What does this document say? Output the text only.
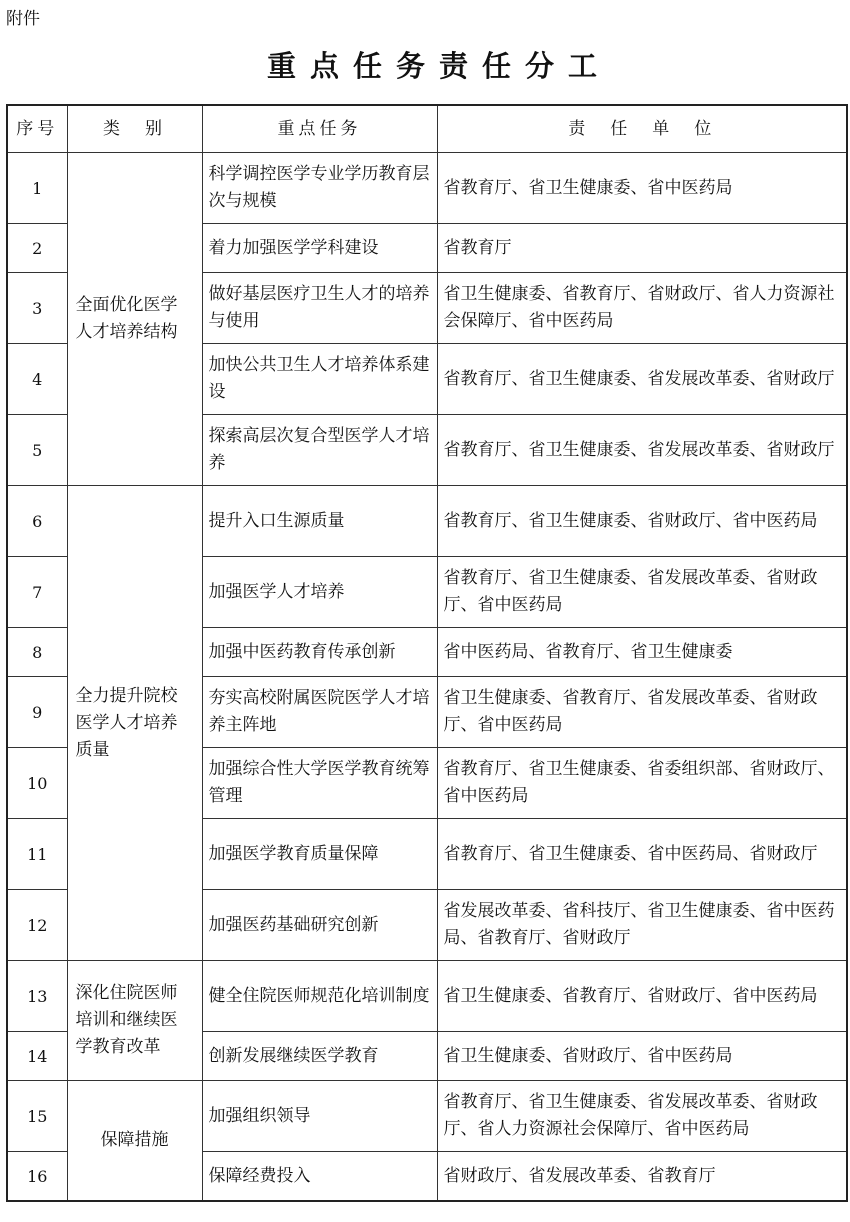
附件
重点任务责任分工
序号	类　别	重点任务	责　任　单　位
1	全面优化医学人才培养结构	科学调控医学专业学历教育层次与规模	省教育厅、省卫生健康委、省中医药局
2		着力加强医学学科建设	省教育厅
3		做好基层医疗卫生人才的培养与使用	省卫生健康委、省教育厅、省财政厅、省人力资源社会保障厅、省中医药局
4		加快公共卫生人才培养体系建设	省教育厅、省卫生健康委、省发展改革委、省财政厅
5		探索高层次复合型医学人才培养	省教育厅、省卫生健康委、省发展改革委、省财政厅
6	全力提升院校医学人才培养质量	提升入口生源质量	省教育厅、省卫生健康委、省财政厅、省中医药局
7		加强医学人才培养	省教育厅、省卫生健康委、省发展改革委、省财政厅、省中医药局
8		加强中医药教育传承创新	省中医药局、省教育厅、省卫生健康委
9		夯实高校附属医院医学人才培养主阵地	省卫生健康委、省教育厅、省发展改革委、省财政厅、省中医药局
10		加强综合性大学医学教育统筹管理	省教育厅、省卫生健康委、省委组织部、省财政厅、省中医药局
11		加强医学教育质量保障	省教育厅、省卫生健康委、省中医药局、省财政厅
12		加强医药基础研究创新	省发展改革委、省科技厅、省卫生健康委、省中医药局、省教育厅、省财政厅
13	深化住院医师培训和继续医学教育改革	健全住院医师规范化培训制度	省卫生健康委、省教育厅、省财政厅、省中医药局
14		创新发展继续医学教育	省卫生健康委、省财政厅、省中医药局
15	保障措施	加强组织领导	省教育厅、省卫生健康委、省发展改革委、省财政厅、省人力资源社会保障厅、省中医药局
16		保障经费投入	省财政厅、省发展改革委、省教育厅
